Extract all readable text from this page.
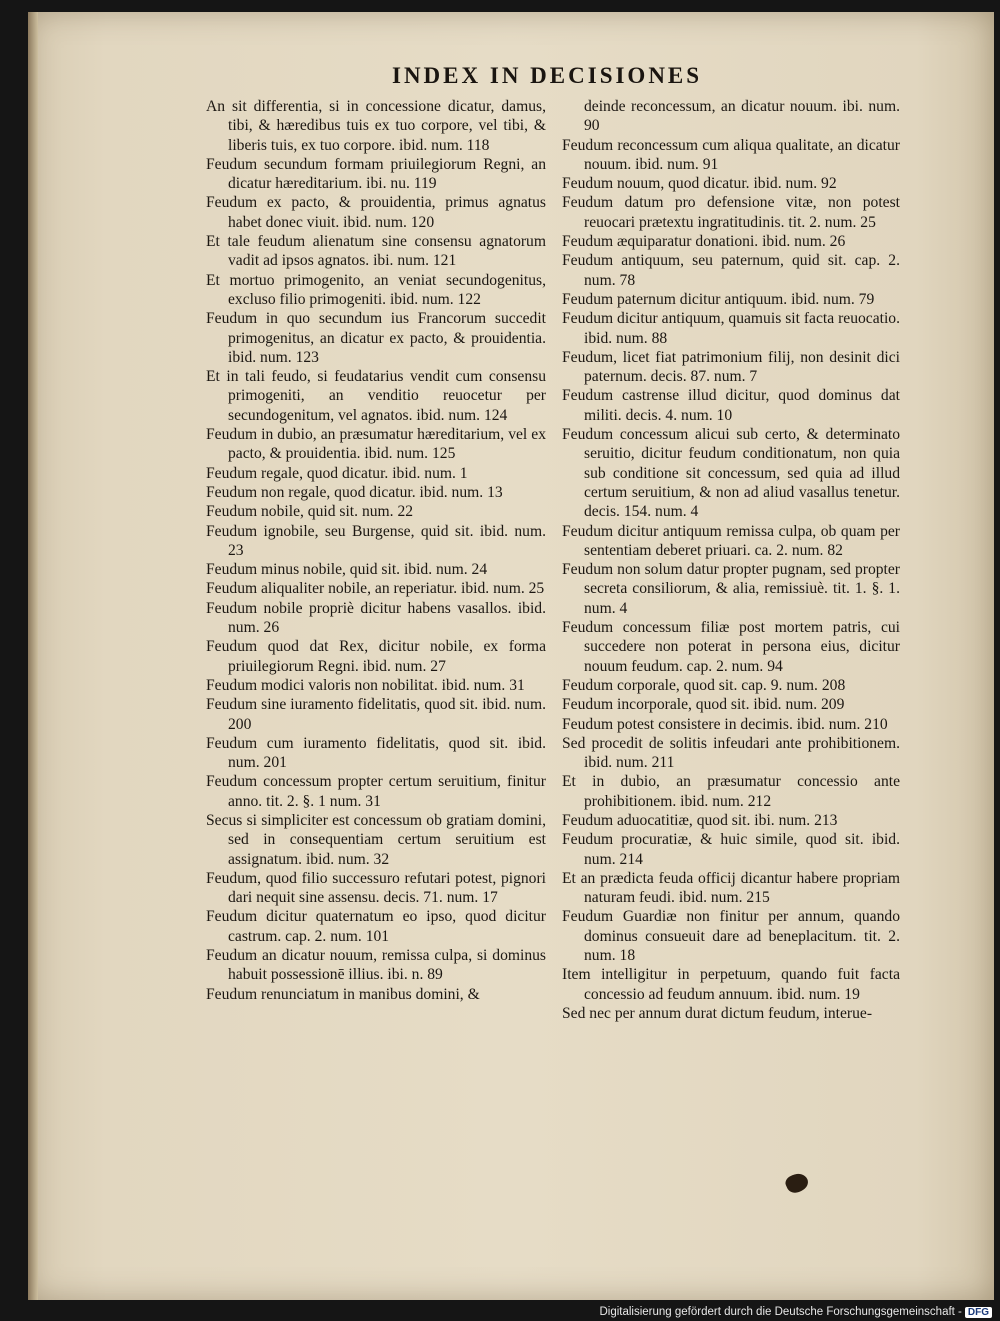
INDEX IN DECISIONES

An sit differentia, si in concessione dicatur, damus, tibi, & hæredibus tuis ex tuo corpore, vel tibi, & liberis tuis, ex tuo corpore. ibid. num. 118

Feudum secundum formam priuilegiorum Regni, an dicatur hæreditarium. ibi. nu. 119

Feudum ex pacto, & prouidentia, primus agnatus habet donec viuit. ibid. num. 120

Et tale feudum alienatum sine consensu agnatorum vadit ad ipsos agnatos. ibi. num. 121

Et mortuo primogenito, an veniat secundogenitus, excluso filio primogeniti. ibid. num. 122

Feudum in quo secundum ius Francorum succedit primogenitus, an dicatur ex pacto, & prouidentia. ibid. num. 123

Et in tali feudo, si feudatarius vendit cum consensu primogeniti, an venditio reuocetur per secundogenitum, vel agnatos. ibid. num. 124

Feudum in dubio, an præsumatur hæreditarium, vel ex pacto, & prouidentia. ibid. num. 125

Feudum regale, quod dicatur. ibid. num. 1

Feudum non regale, quod dicatur. ibid. num. 13

Feudum nobile, quid sit. num. 22

Feudum ignobile, seu Burgense, quid sit. ibid. num. 23

Feudum minus nobile, quid sit. ibid. num. 24

Feudum aliqualiter nobile, an reperiatur. ibid. num. 25

Feudum nobile propriè dicitur habens vasallos. ibid. num. 26

Feudum quod dat Rex, dicitur nobile, ex forma priuilegiorum Regni. ibid. num. 27

Feudum modici valoris non nobilitat. ibid. num. 31

Feudum sine iuramento fidelitatis, quod sit. ibid. num. 200

Feudum cum iuramento fidelitatis, quod sit. ibid. num. 201

Feudum concessum propter certum seruitium, finitur anno. tit. 2. §. 1 num. 31

Secus si simpliciter est concessum ob gratiam domini, sed in consequentiam certum seruitium est assignatum. ibid. num. 32

Feudum, quod filio successuro refutari potest, pignori dari nequit sine assensu. decis. 71. num. 17

Feudum dicitur quaternatum eo ipso, quod dicitur castrum. cap. 2. num. 101

Feudum an dicatur nouum, remissa culpa, si dominus habuit possessionē illius. ibi. n. 89

Feudum renunciatum in manibus domini, &

deinde reconcessum, an dicatur nouum. ibi. num. 90

Feudum reconcessum cum aliqua qualitate, an dicatur nouum. ibid. num. 91

Feudum nouum, quod dicatur. ibid. num. 92

Feudum datum pro defensione vitæ, non potest reuocari prætextu ingratitudinis. tit. 2. num. 25

Feudum æquiparatur donationi. ibid. num. 26

Feudum antiquum, seu paternum, quid sit. cap. 2. num. 78

Feudum paternum dicitur antiquum. ibid. num. 79

Feudum dicitur antiquum, quamuis sit facta reuocatio. ibid. num. 88

Feudum, licet fiat patrimonium filij, non desinit dici paternum. decis. 87. num. 7

Feudum castrense illud dicitur, quod dominus dat militi. decis. 4. num. 10

Feudum concessum alicui sub certo, & determinato seruitio, dicitur feudum conditionatum, non quia sub conditione sit concessum, sed quia ad illud certum seruitium, & non ad aliud vasallus tenetur. decis. 154. num. 4

Feudum dicitur antiquum remissa culpa, ob quam per sententiam deberet priuari. ca. 2. num. 82

Feudum non solum datur propter pugnam, sed propter secreta consiliorum, & alia, remissiuè. tit. 1. §. 1. num. 4

Feudum concessum filiæ post mortem patris, cui succedere non poterat in persona eius, dicitur nouum feudum. cap. 2. num. 94

Feudum corporale, quod sit. cap. 9. num. 208

Feudum incorporale, quod sit. ibid. num. 209

Feudum potest consistere in decimis. ibid. num. 210

Sed procedit de solitis infeudari ante prohibitionem. ibid. num. 211

Et in dubio, an præsumatur concessio ante prohibitionem. ibid. num. 212

Feudum aduocatitiæ, quod sit. ibi. num. 213

Feudum procuratiæ, & huic simile, quod sit. ibid. num. 214

Et an prædicta feuda officij dicantur habere propriam naturam feudi. ibid. num. 215

Feudum Guardiæ non finitur per annum, quando dominus consueuit dare ad beneplacitum. tit. 2. num. 18

Item intelligitur in perpetuum, quando fuit facta concessio ad feudum annuum. ibid. num. 19

Sed nec per annum durat dictum feudum, interue-

Digitalisierung gefördert durch die Deutsche Forschungsgemeinschaft - DFG
